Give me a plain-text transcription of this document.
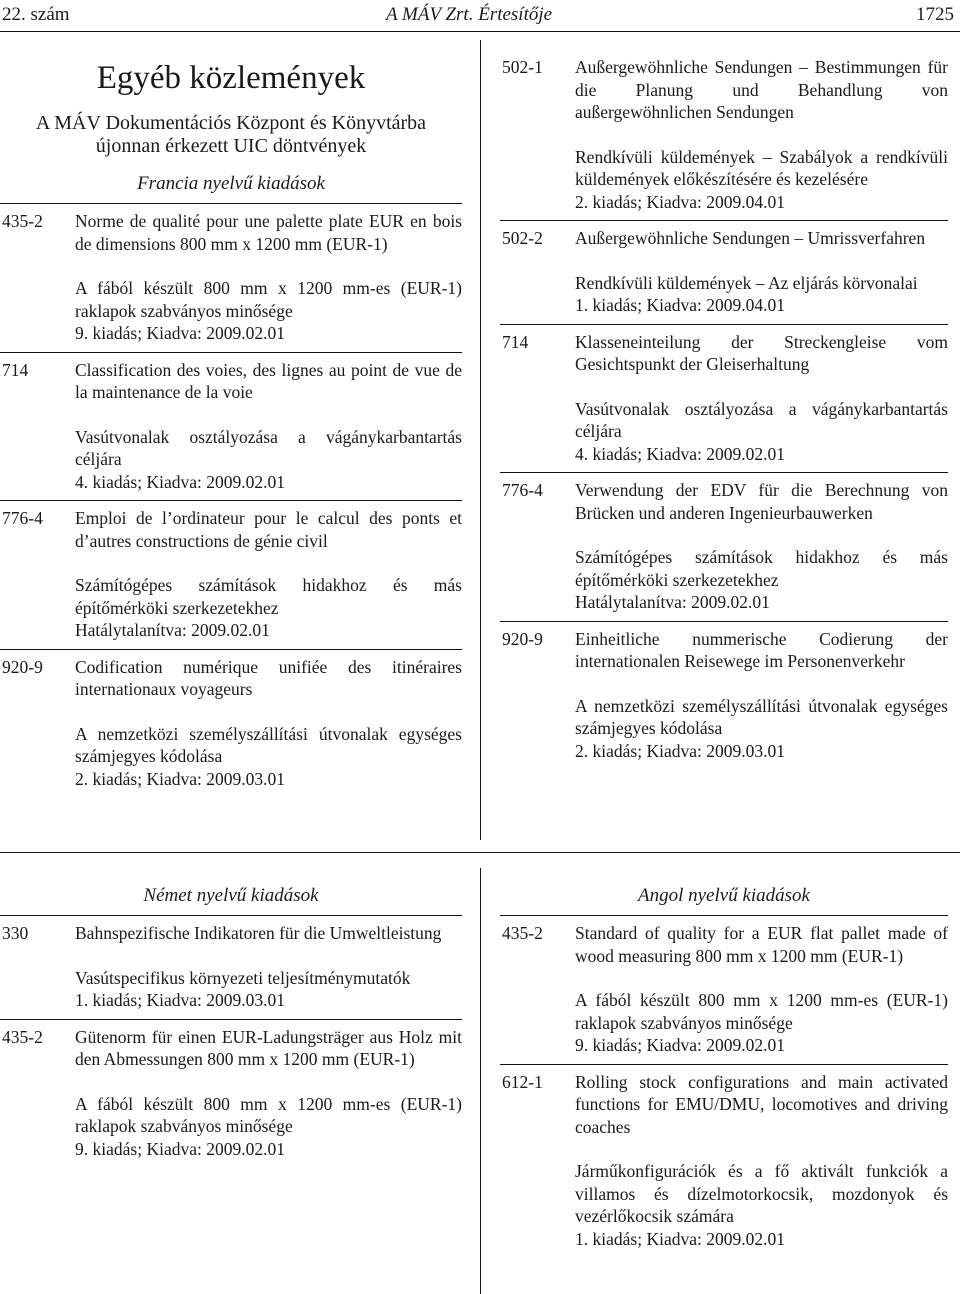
22. szám	A MÁV Zrt. Értesítője	1725
Egyéb közlemények
A MÁV Dokumentációs Központ és Könyvtárba
újonnan érkezett UIC döntvények
Francia nyelvű kiadások
435-2 Norme de qualité pour une palette plate EUR en bois de dimensions 800 mm x 1200 mm (EUR-1)
A fából készült 800 mm x 1200 mm-es (EUR-1) raklapok szabványos minősége
9. kiadás; Kiadva: 2009.02.01
714	Classification des voies, des lignes au point de vue de la maintenance de la voie
Vasútvonalak osztályozása a vágánykarbantartás céljára
4. kiadás; Kiadva: 2009.02.01
776-4 Emploi de l’ordinateur pour le calcul des ponts et d’autres constructions de génie civil
Számítógépes számítások hidakhoz és más építőmérköki szerkezetekhez
Hatálytalanítva: 2009.02.01
920-9 Codification numérique unifiée des itinéraires internationaux voyageurs
A nemzetközi személyszállítási útvonalak egységes számjegyes kódolása
2. kiadás; Kiadva: 2009.03.01
502-1 Außergewöhnliche Sendungen – Bestimmungen für die Planung und Behandlung von außergewöhnlichen Sendungen
Rendkívüli küldemények – Szabályok a rendkívüli küldemények előkészítésére és kezelésére
2. kiadás; Kiadva: 2009.04.01
502-2 Außergewöhnliche Sendungen – Umrissverfahren
Rendkívüli küldemények – Az eljárás körvonalai
1. kiadás; Kiadva: 2009.04.01
714	Klasseneinteilung der Streckengleise vom Gesichtspunkt der Gleiserhaltung
Vasútvonalak osztályozása a vágánykarbantartás céljára
4. kiadás; Kiadva: 2009.02.01
776-4 Verwendung der EDV für die Berechnung von Brücken und anderen Ingenieurbauwerken
Számítógépes számítások hidakhoz és más építőmérköki szerkezetekhez
Hatálytalanítva: 2009.02.01
920-9 Einheitliche nummerische Codierung der internationalen Reisewege im Personenverkehr
A nemzetközi személyszállítási útvonalak egységes számjegyes kódolása
2. kiadás; Kiadva: 2009.03.01
Német nyelvű kiadások
330	Bahnspezifische Indikatoren für die Umweltleistung
Vasútspecifikus környezeti teljesítménymutatók
1. kiadás; Kiadva: 2009.03.01
435-2 Gütenorm für einen EUR-Ladungsträger aus Holz mit den Abmessungen 800 mm x 1200 mm (EUR-1)
A fából készült 800 mm x 1200 mm-es (EUR-1) raklapok szabványos minősége
9. kiadás; Kiadva: 2009.02.01
Angol nyelvű kiadások
435-2 Standard of quality for a EUR flat pallet made of wood measuring 800 mm x 1200 mm (EUR-1)
A fából készült 800 mm x 1200 mm-es (EUR-1) raklapok szabványos minősége
9. kiadás; Kiadva: 2009.02.01
612-1 Rolling stock configurations and main activated functions for EMU/DMU, locomotives and driving coaches
Járműkonfigurációk és a fő aktivált funkciók a villamos és dízelmotorkocsik, mozdonyok és vezérlőkocsik számára
1. kiadás; Kiadva: 2009.02.01
